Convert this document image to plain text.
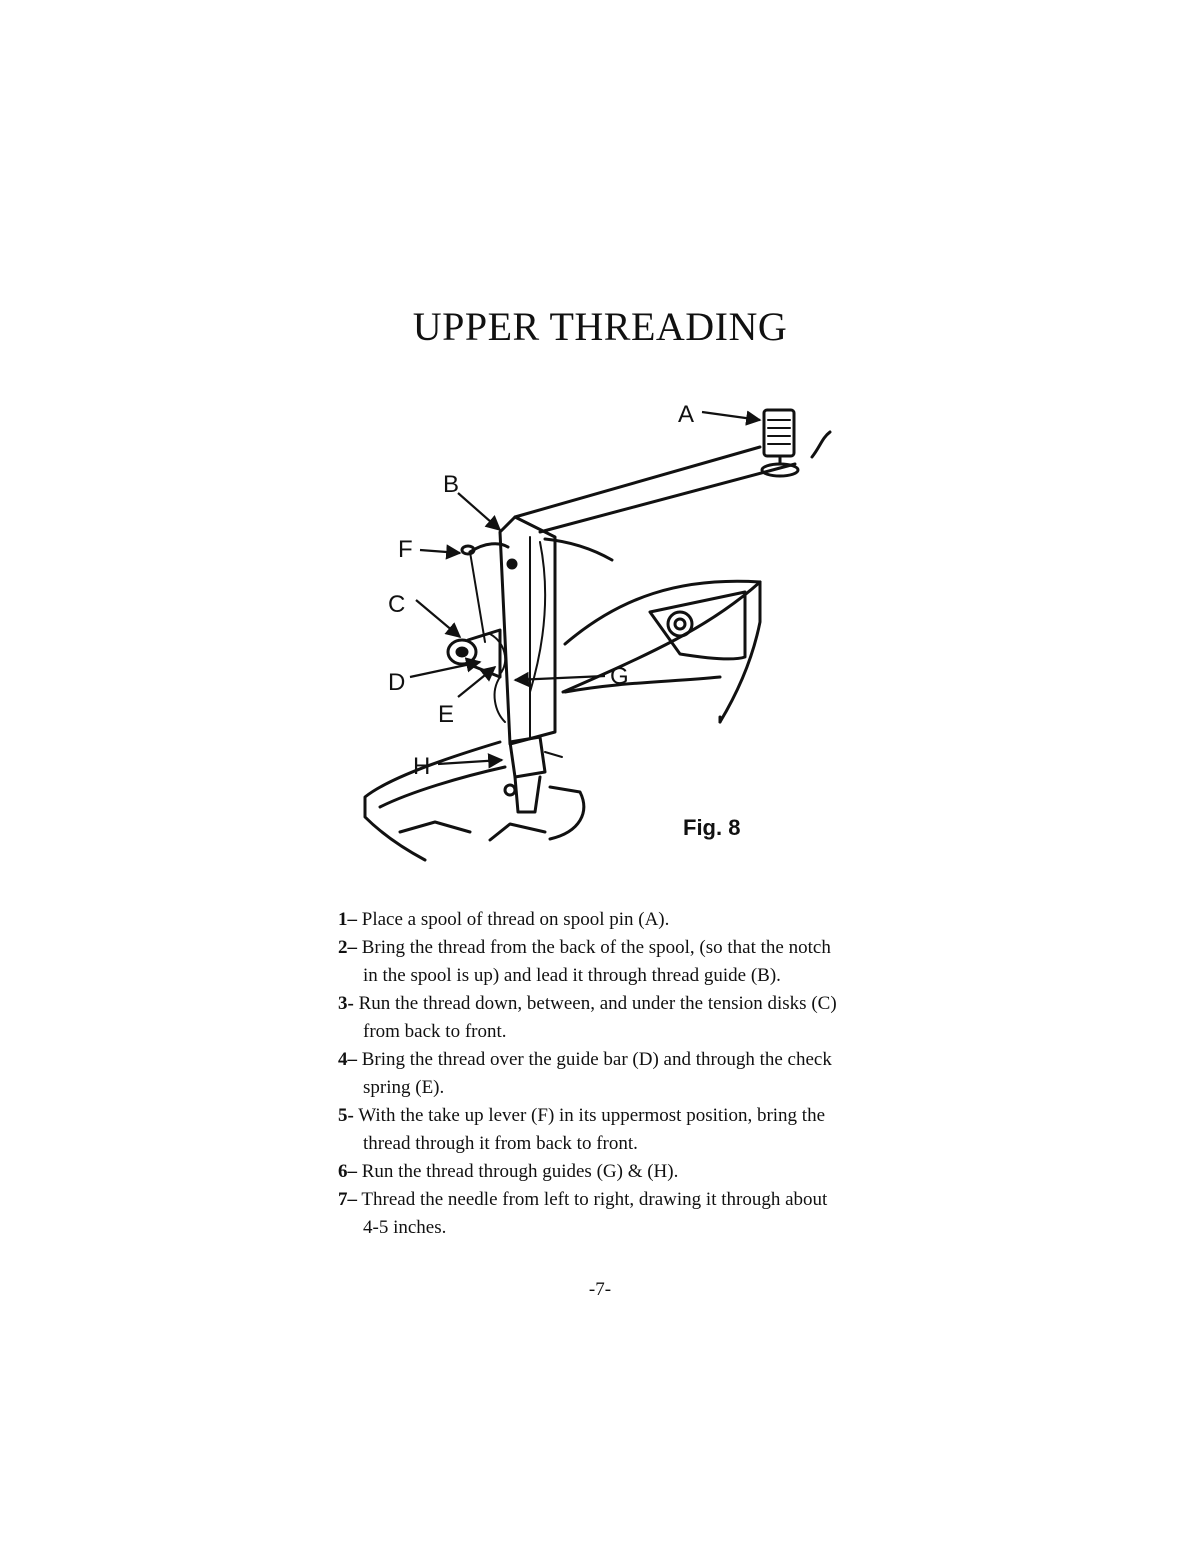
UPPER THREADING
A
B
F
C
D
E
G
H
Fig. 8
1– Place a spool of thread on spool pin (A).
2– Bring the thread from the back of the spool, (so that the notch
in the spool is up) and lead it through thread guide (B).
3- Run the thread down, between, and under the tension disks (C)
from back to front.
4– Bring the thread over the guide bar (D) and through the check
spring (E).
5- With the take up lever (F) in its uppermost position, bring the
thread through it from back to front.
6– Run the thread through guides (G) & (H).
7– Thread the needle from left to right, drawing it through about
4-5 inches.
-7-
